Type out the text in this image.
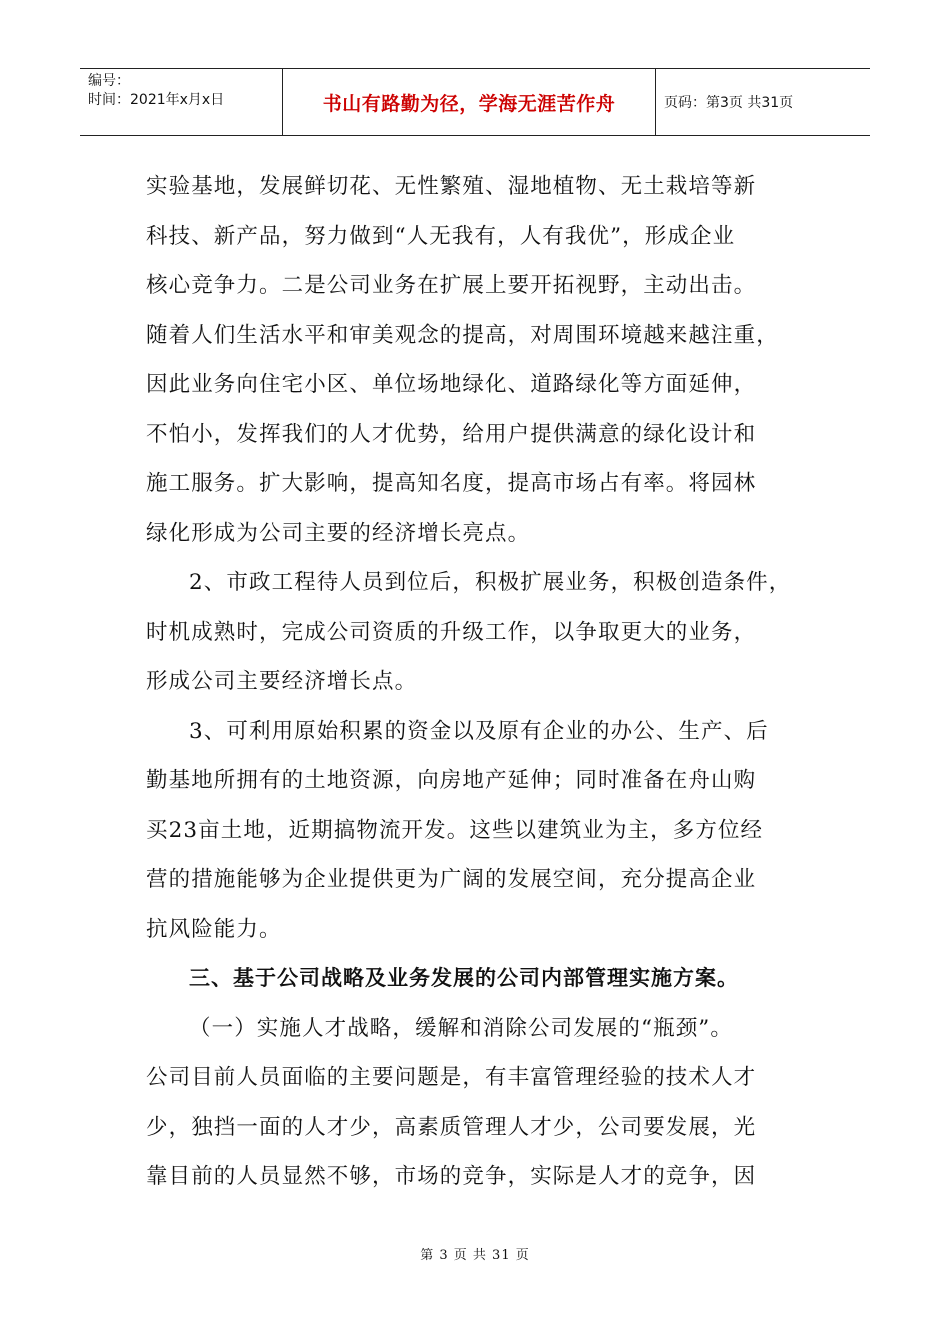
编号：
时间：2021年x月x日	书山有路勤为径，学海无涯苦作舟	页码：第3页 共31页
实验基地，发展鲜切花、无性繁殖、湿地植物、无土栽培等新
科技、新产品，努力做到“人无我有，人有我优”，形成企业
核心竞争力。二是公司业务在扩展上要开拓视野，主动出击。
随着人们生活水平和审美观念的提高，对周围环境越来越注重，
因此业务向住宅小区、单位场地绿化、道路绿化等方面延伸，
不怕小，发挥我们的人才优势，给用户提供满意的绿化设计和
施工服务。扩大影响，提高知名度，提高市场占有率。将园林
绿化形成为公司主要的经济增长亮点。
2、市政工程待人员到位后，积极扩展业务，积极创造条件，
时机成熟时，完成公司资质的升级工作，以争取更大的业务，
形成公司主要经济增长点。
3、可利用原始积累的资金以及原有企业的办公、生产、后
勤基地所拥有的土地资源，向房地产延伸；同时准备在舟山购
买23亩土地，近期搞物流开发。这些以建筑业为主，多方位经
营的措施能够为企业提供更为广阔的发展空间，充分提高企业
抗风险能力。
三、基于公司战略及业务发展的公司内部管理实施方案。
（一）实施人才战略，缓解和消除公司发展的“瓶颈”。
公司目前人员面临的主要问题是，有丰富管理经验的技术人才
少，独挡一面的人才少，高素质管理人才少，公司要发展，光
靠目前的人员显然不够，市场的竞争，实际是人才的竞争，因
第 3 页 共 31 页
